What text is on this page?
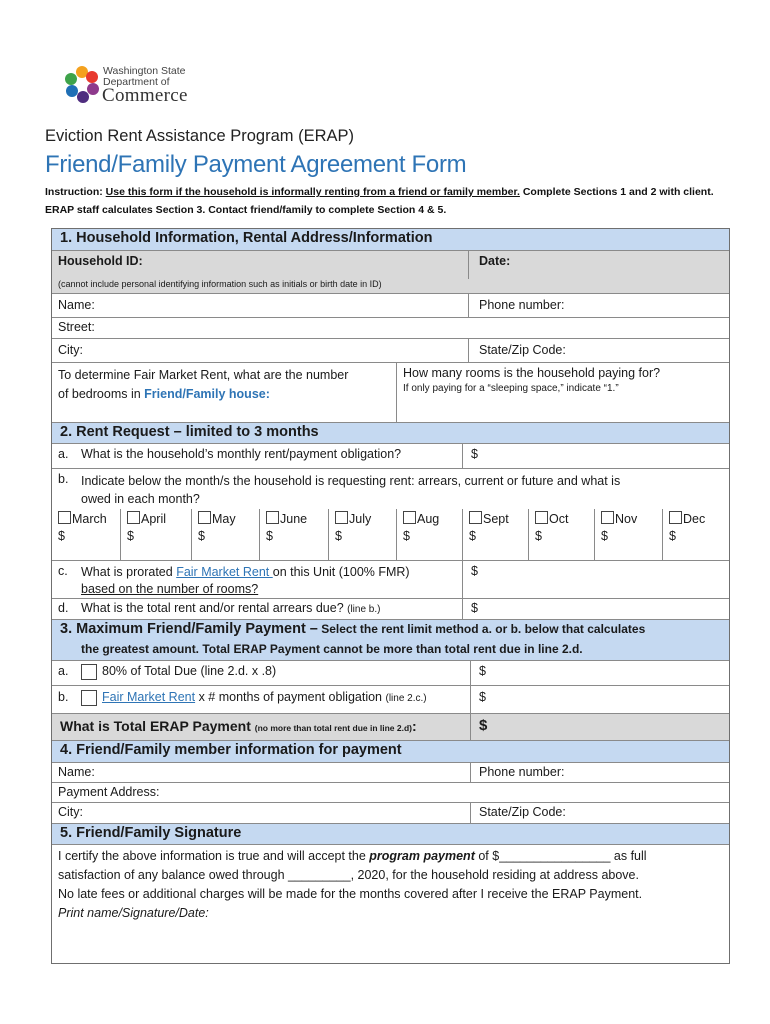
Washington State
Department of
Commerce
Eviction Rent Assistance Program (ERAP)
Friend/Family Payment Agreement Form
Instruction: Use this form if the household is informally renting from a friend or family member. Complete Sections 1 and 2 with client. ERAP staff calculates Section 3. Contact friend/family to complete Section 4 & 5.
1. Household Information, Rental Address/Information
Household ID:
(cannot include personal identifying information such as initials or birth date in ID)
Date:
Name:	Phone number:
Street:
City:	State/Zip Code:
To determine Fair Market Rent, what are the number
of bedrooms in Friend/Family house:
How many rooms is the household paying for?
If only paying for a “sleeping space,” indicate “1.”
2. Rent Request – limited to 3 months
a. What is the household’s monthly rent/payment obligation?	$
b. Indicate below the month/s the household is requesting rent: arrears, current or future and what is
owed in each month?
March
$
April
$
May
$
June
$
July
$
Aug
$
Sept
$
Oct
$
Nov
$
Dec
$
c. What is prorated Fair Market Rent on this Unit (100% FMR)
based on the number of rooms?
$
d. What is the total rent and/or rental arrears due? (line b.)	$
3. Maximum Friend/Family Payment – Select the rent limit method a. or b. below that calculates
the greatest amount. Total ERAP Payment cannot be more than total rent due in line 2.d.
a.	80% of Total Due (line 2.d. x .8)	$
b.	Fair Market Rent x # months of payment obligation (line 2.c.)	$
What is Total ERAP Payment (no more than total rent due in line 2.d):	$
4. Friend/Family member information for payment
Name:	Phone number:
Payment Address:
City:	State/Zip Code:
5. Friend/Family Signature
I certify the above information is true and will accept the program payment of $________________ as full
satisfaction of any balance owed through _________, 2020, for the household residing at address above.
No late fees or additional charges will be made for the months covered after I receive the ERAP Payment.
Print name/Signature/Date:
